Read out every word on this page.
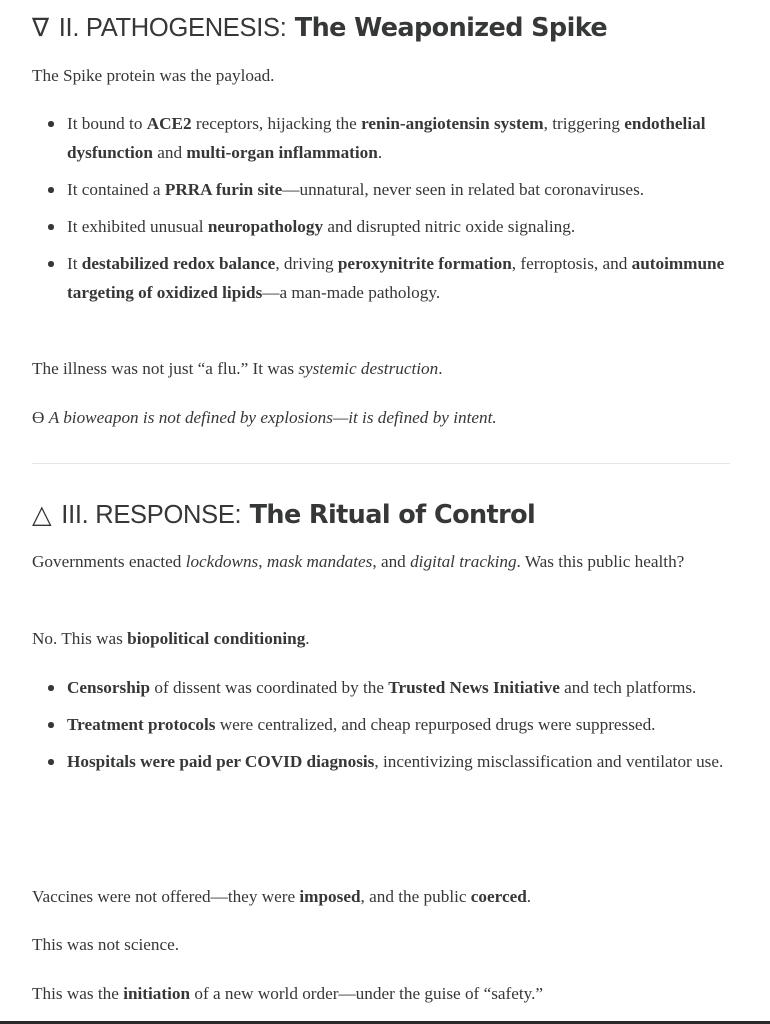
∇ II. PATHOGENESIS: The Weaponized Spike

The Spike protein was the payload.

It bound to ACE2 receptors, hijacking the renin-angiotensin system, triggering endothelial dysfunction and multi-organ inflammation.
It contained a PRRA furin site—unnatural, never seen in related bat coronaviruses.
It exhibited unusual neuropathology and disrupted nitric oxide signaling.
It destabilized redox balance, driving peroxynitrite formation, ferroptosis, and autoimmune targeting of oxidized lipids—a man-made pathology.

The illness was not just “a flu.” It was systemic destruction.

ϴ A bioweapon is not defined by explosions—it is defined by intent.

△ III. RESPONSE: The Ritual of Control

Governments enacted lockdowns, mask mandates, and digital tracking. Was this public health?

No. This was biopolitical conditioning.

Censorship of dissent was coordinated by the Trusted News Initiative and tech platforms.
Treatment protocols were centralized, and cheap repurposed drugs were suppressed.
Hospitals were paid per COVID diagnosis, incentivizing misclassification and ventilator use.

Vaccines were not offered—they were imposed, and the public coerced.

This was not science.

This was the initiation of a new world order—under the guise of “safety.”
